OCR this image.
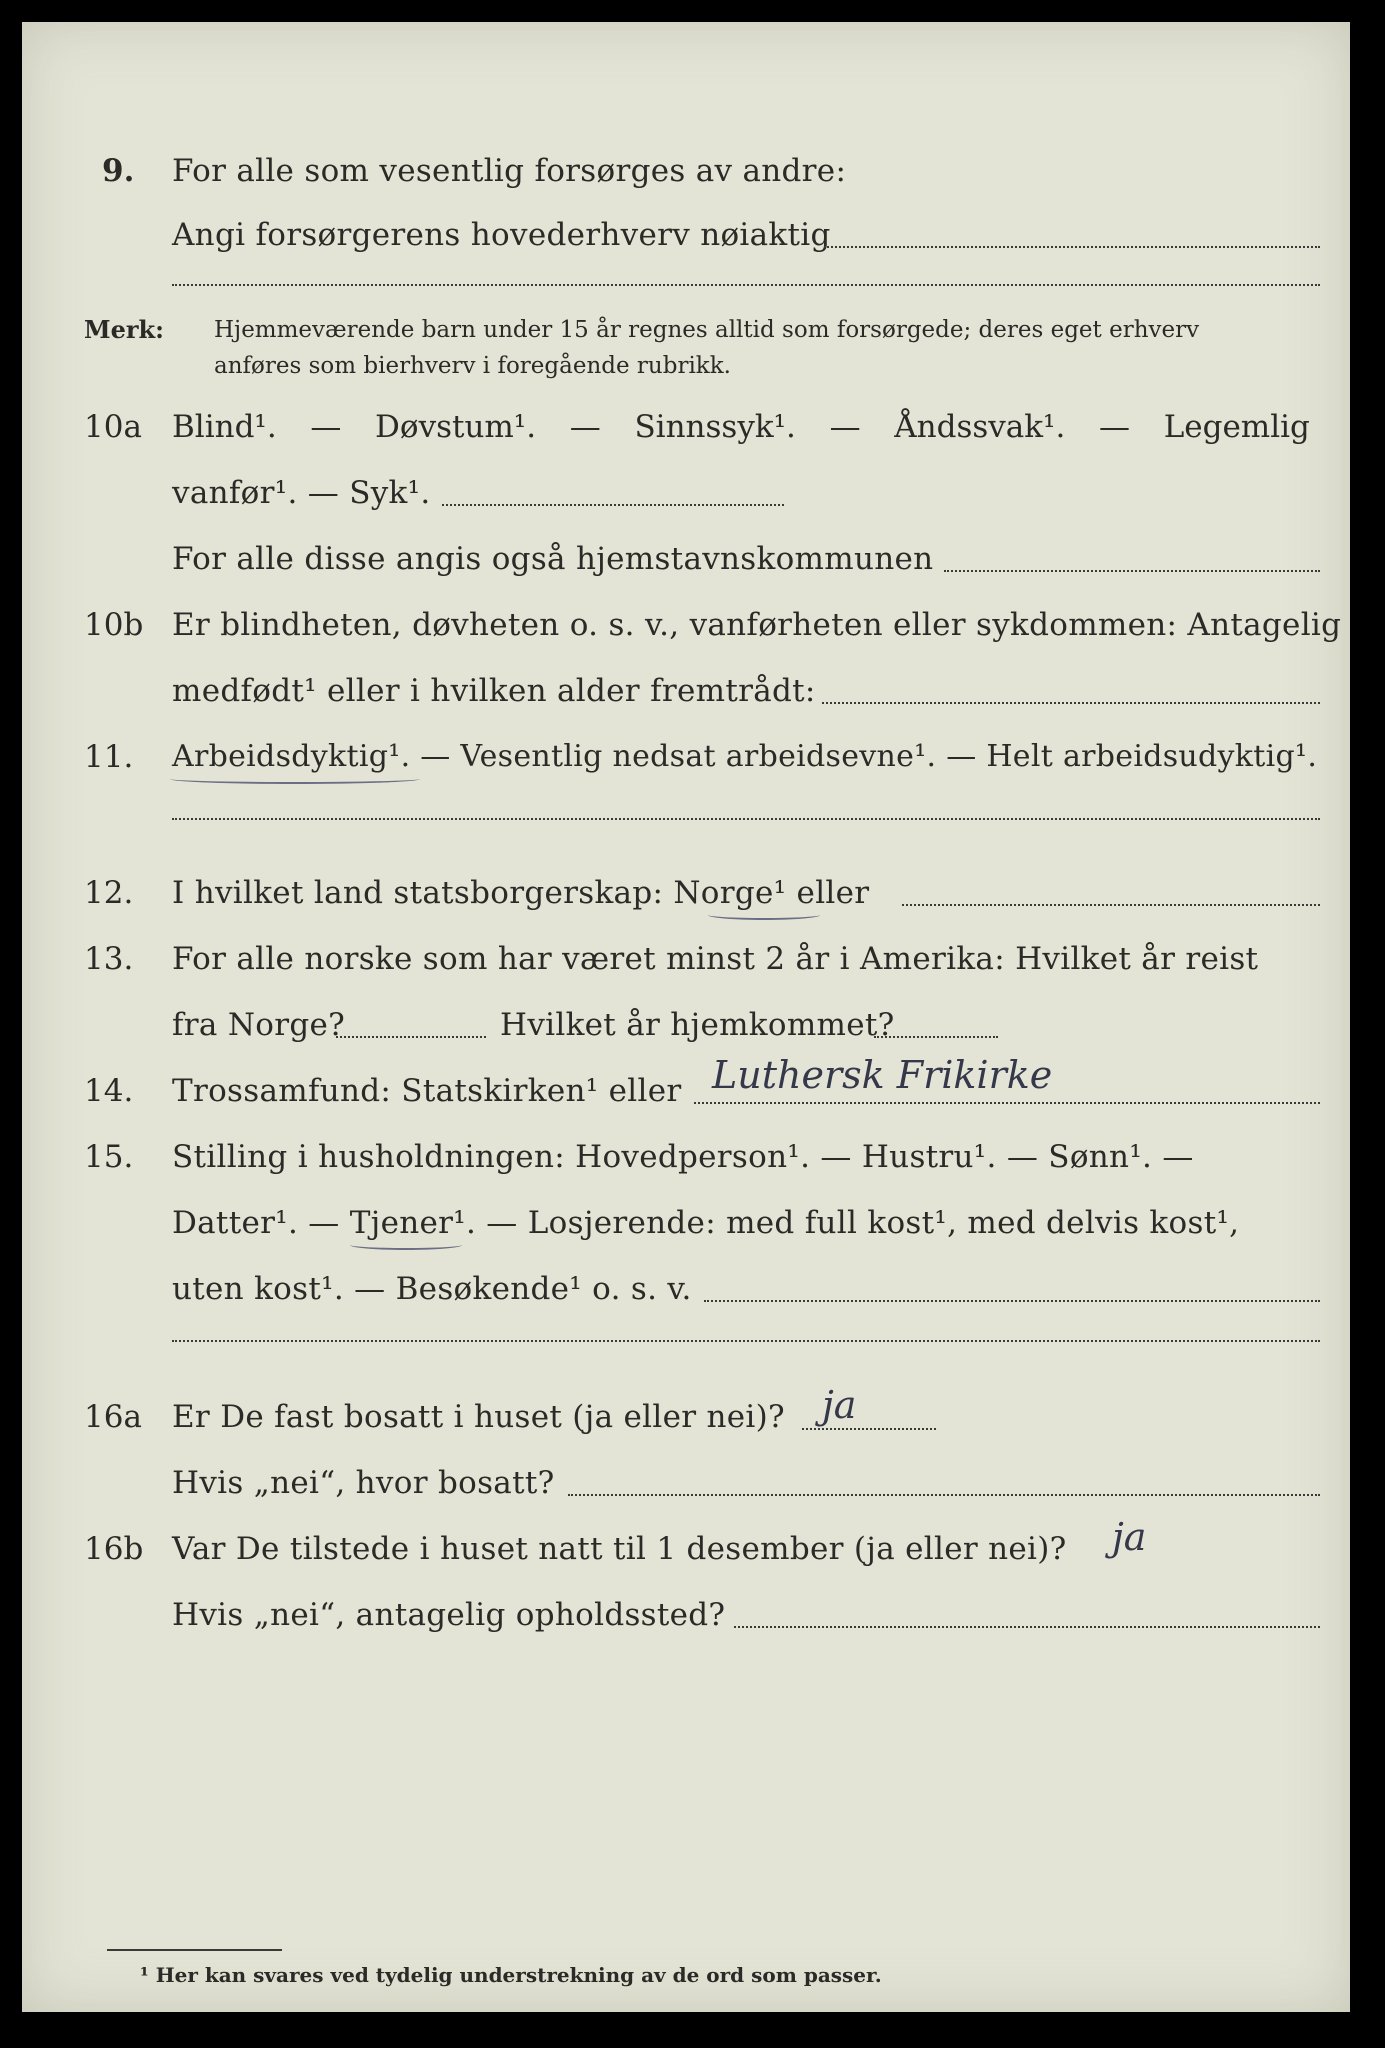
9. For alle som vesentlig forsørges av andre:
Angi forsørgerens hovederhverv nøiaktig
Merk: Hjemmeværende barn under 15 år regnes alltid som forsørgede; deres eget erhverv
anføres som bierhverv i foregående rubrikk.
10a Blind¹. — Døvstum¹. — Sinnssyk¹. — Åndssvak¹. — Legemlig
vanfør¹. — Syk¹.
For alle disse angis også hjemstavnskommunen
10b Er blindheten, døvheten o. s. v., vanførheten eller sykdommen: Antagelig
medfødt¹ eller i hvilken alder fremtrådt:
11. Arbeidsdyktig¹. — Vesentlig nedsat arbeidsevne¹. — Helt arbeidsudyktig¹.
12. I hvilket land statsborgerskap: Norge¹ eller
13. For alle norske som har været minst 2 år i Amerika: Hvilket år reist
fra Norge?	Hvilket år hjemkommet?
14. Trossamfund: Statskirken¹ eller Luthersk Frikirke
15. Stilling i husholdningen: Hovedperson¹. — Hustru¹. — Sønn¹. —
Datter¹. — Tjener¹. — Losjerende: med full kost¹, med delvis kost¹,
uten kost¹. — Besøkende¹ o. s. v.
16a Er De fast bosatt i huset (ja eller nei)? ja
Hvis „nei“, hvor bosatt?
16b Var De tilstede i huset natt til 1 desember (ja eller nei)? ja
Hvis „nei“, antagelig opholdssted?
¹ Her kan svares ved tydelig understrekning av de ord som passer.
